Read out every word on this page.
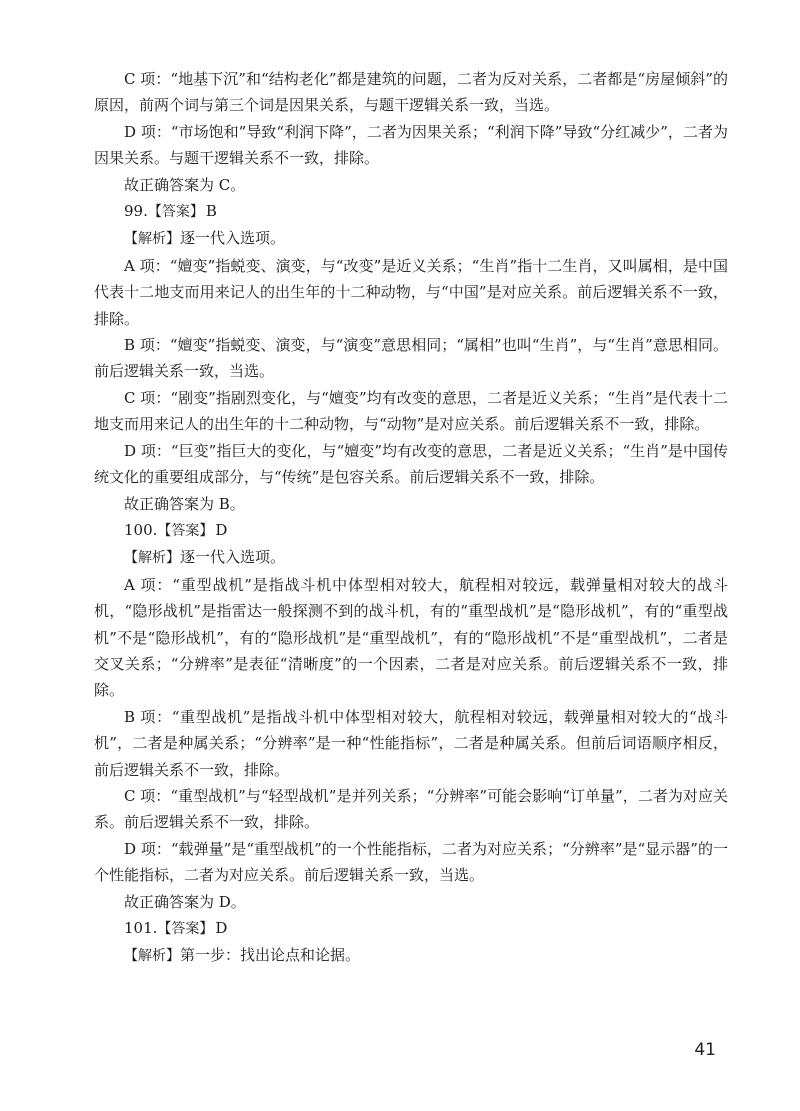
C 项：“地基下沉”和“结构老化”都是建筑的问题，二者为反对关系，二者都是“房屋倾斜”的原因，前两个词与第三个词是因果关系，与题干逻辑关系一致，当选。

D 项：“市场饱和”导致“利润下降”，二者为因果关系；“利润下降”导致“分红减少”，二者为因果关系。与题干逻辑关系不一致，排除。

故正确答案为 C。

99.【答案】 B

【解析】逐一代入选项。

A 项：“嬗变”指蜕变、演变，与“改变”是近义关系；“生肖”指十二生肖，又叫属相，是中国代表十二地支而用来记人的出生年的十二种动物，与“中国”是对应关系。前后逻辑关系不一致，排除。

B 项：“嬗变”指蜕变、演变，与“演变”意思相同；“属相”也叫“生肖”，与“生肖”意思相同。前后逻辑关系一致，当选。

C 项：“剧变”指剧烈变化，与“嬗变”均有改变的意思，二者是近义关系；“生肖”是代表十二地支而用来记人的出生年的十二种动物，与“动物”是对应关系。前后逻辑关系不一致，排除。

D 项：“巨变”指巨大的变化，与“嬗变”均有改变的意思，二者是近义关系；“生肖”是中国传统文化的重要组成部分，与“传统”是包容关系。前后逻辑关系不一致，排除。

故正确答案为 B。

100.【答案】 D

【解析】逐一代入选项。

A 项：“重型战机”是指战斗机中体型相对较大，航程相对较远，载弹量相对较大的战斗机，“隐形战机”是指雷达一般探测不到的战斗机，有的“重型战机”是“隐形战机”，有的“重型战机”不是“隐形战机”，有的“隐形战机”是“重型战机”，有的“隐形战机”不是“重型战机”，二者是交叉关系；“分辨率”是表征“清晰度”的一个因素，二者是对应关系。前后逻辑关系不一致，排除。

B 项：“重型战机”是指战斗机中体型相对较大，航程相对较远，载弹量相对较大的“战斗机”，二者是种属关系；“分辨率”是一种“性能指标”，二者是种属关系。但前后词语顺序相反，前后逻辑关系不一致，排除。

C 项：“重型战机”与“轻型战机”是并列关系；“分辨率”可能会影响“订单量”，二者为对应关系。前后逻辑关系不一致，排除。

D 项：“载弹量”是“重型战机”的一个性能指标，二者为对应关系；“分辨率”是“显示器”的一个性能指标，二者为对应关系。前后逻辑关系一致，当选。

故正确答案为 D。

101.【答案】 D

【解析】第一步：找出论点和论据。

41
